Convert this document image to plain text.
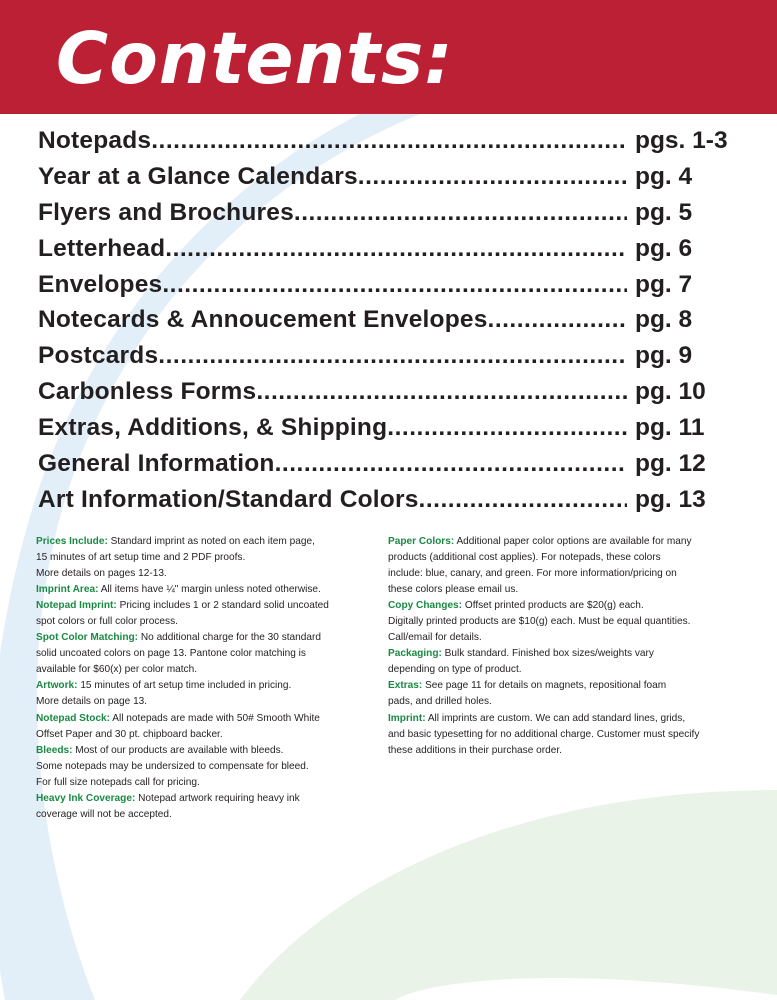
Contents:
Notepads .....	pgs. 1-3
Year at a Glance Calendars .....	pg. 4
Flyers and Brochures .....	pg. 5
Letterhead .....	pg. 6
Envelopes .....	pg. 7
Notecards & Annoucement Envelopes .....	pg. 8
Postcards .....	pg. 9
Carbonless Forms .....	pg. 10
Extras, Additions, & Shipping .....	pg. 11
General Information .....	pg. 12
Art Information/Standard Colors .....	pg. 13
Prices Include: Standard imprint as noted on each item page,
15 minutes of art setup time and 2 PDF proofs.
More details on pages 12-13.
Imprint Area: All items have ¼" margin unless noted otherwise.
Notepad Imprint: Pricing includes 1 or 2 standard solid uncoated
spot colors or full color process.
Spot Color Matching: No additional charge for the 30 standard
solid uncoated colors on page 13. Pantone color matching is
available for $60(x) per color match.
Artwork: 15 minutes of art setup time included in pricing.
More details on page 13.
Notepad Stock: All notepads are made with 50# Smooth White
Offset Paper and 30 pt. chipboard backer.
Bleeds: Most of our products are available with bleeds.
Some notepads may be undersized to compensate for bleed.
For full size notepads call for pricing.
Heavy Ink Coverage: Notepad artwork requiring heavy ink
coverage will not be accepted.
Paper Colors: Additional paper color options are available for many
products (additional cost applies). For notepads, these colors
include: blue, canary, and green. For more information/pricing on
these colors please email us.
Copy Changes: Offset printed products are $20(g) each.
Digitally printed products are $10(g) each. Must be equal quantities.
Call/email for details.
Packaging: Bulk standard. Finished box sizes/weights vary
depending on type of product.
Extras: See page 11 for details on magnets, repositional foam
pads, and drilled holes.
Imprint: All imprints are custom. We can add standard lines, grids,
and basic typesetting for no additional charge. Customer must specify
these additions in their purchase order.
